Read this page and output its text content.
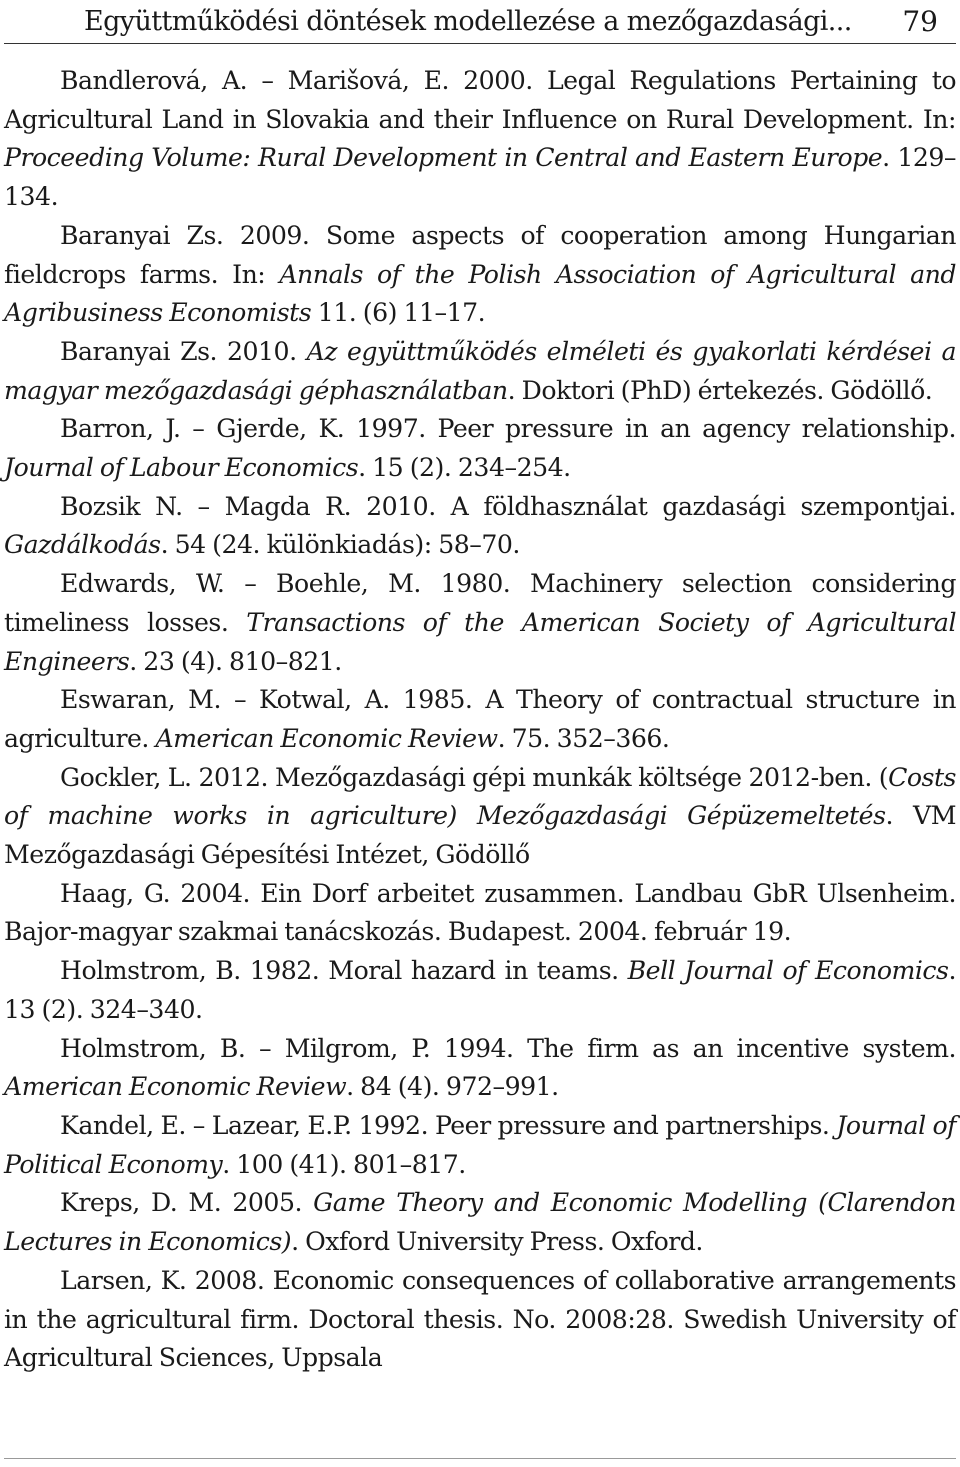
Együttműködési döntések modellezése a mezőgazdasági... 79

Bandlerová, A. – Marišová, E. 2000. Legal Regulations Pertaining to Agricultural Land in Slovakia and their Influence on Rural Development. In: Proceeding Volume: Rural Development in Central and Eastern Europe. 129–134.

Baranyai Zs. 2009. Some aspects of cooperation among Hungarian fieldcrops farms. In: Annals of the Polish Association of Agricultural and Agribusiness Economists 11. (6) 11–17.

Baranyai Zs. 2010. Az együttműködés elméleti és gyakorlati kérdései a magyar mezőgazdasági géphasználatban. Doktori (PhD) értekezés. Gödöllő.

Barron, J. – Gjerde, K. 1997. Peer pressure in an agency relationship. Journal of Labour Economics. 15 (2). 234–254.

Bozsik N. – Magda R. 2010. A földhasználat gazdasági szempontjai. Gazdálkodás. 54 (24. különkiadás): 58–70.

Edwards, W. – Boehle, M. 1980. Machinery selection considering timeliness losses. Transactions of the American Society of Agricultural Engineers. 23 (4). 810–821.

Eswaran, M. – Kotwal, A. 1985. A Theory of contractual structure in agriculture. American Economic Review. 75. 352–366.

Gockler, L. 2012. Mezőgazdasági gépi munkák költsége 2012-ben. (Costs of machine works in agriculture) Mezőgazdasági Gépüzemeltetés. VM Mezőgazdasági Gépesítési Intézet, Gödöllő

Haag, G. 2004. Ein Dorf arbeitet zusammen. Landbau GbR Ulsenheim. Bajor-magyar szakmai tanácskozás. Budapest. 2004. február 19.

Holmstrom, B. 1982. Moral hazard in teams. Bell Journal of Economics. 13 (2). 324–340.

Holmstrom, B. – Milgrom, P. 1994. The firm as an incentive system. American Economic Review. 84 (4). 972–991.

Kandel, E. – Lazear, E.P. 1992. Peer pressure and partnerships. Journal of Political Economy. 100 (41). 801–817.

Kreps, D. M. 2005. Game Theory and Economic Modelling (Clarendon Lectures in Economics). Oxford University Press. Oxford.

Larsen, K. 2008. Economic consequences of collaborative arrangements in the agricultural firm. Doctoral thesis. No. 2008:28. Swedish University of Agricultural Sciences, Uppsala
